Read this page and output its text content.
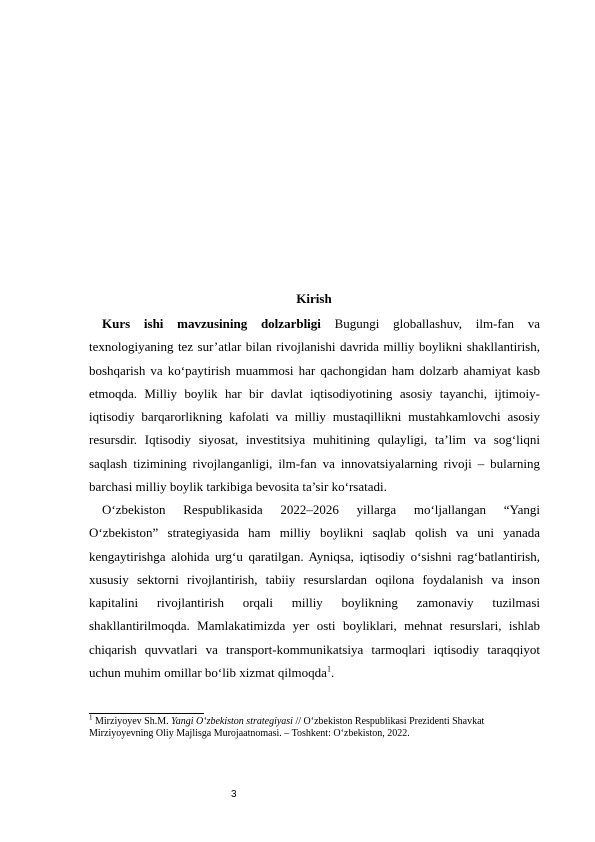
Kirish

Kurs ishi mavzusining dolzarbligi Bugungi globallashuv, ilm-fan va texnologiyaning tez sur’atlar bilan rivojlanishi davrida milliy boylikni shakllantirish, boshqarish va ko‘paytirish muammosi har qachongidan ham dolzarb ahamiyat kasb etmoqda. Milliy boylik har bir davlat iqtisodiyotining asosiy tayanchi, ijtimoiy-iqtisodiy barqarorlikning kafolati va milliy mustaqillikni mustahkamlovchi asosiy resursdir. Iqtisodiy siyosat, investitsiya muhitining qulayligi, ta’lim va sog‘liqni saqlash tizimining rivojlanganligi, ilm-fan va innovatsiyalarning rivoji – bularning barchasi milliy boylik tarkibiga bevosita ta’sir ko‘rsatadi.

O‘zbekiston Respublikasida 2022–2026 yillarga mo‘ljallangan “Yangi O‘zbekiston” strategiyasida ham milliy boylikni saqlab qolish va uni yanada kengaytirishga alohida urg‘u qaratilgan. Ayniqsa, iqtisodiy o‘sishni rag‘batlantirish, xususiy sektorni rivojlantirish, tabiiy resurslardan oqilona foydalanish va inson kapitalini rivojlantirish orqali milliy boylikning zamonaviy tuzilmasi shakllantirilmoqda. Mamlakatimizda yer osti boyliklari, mehnat resurslari, ishlab chiqarish quvvatlari va transport-kommunikatsiya tarmoqlari iqtisodiy taraqqiyot uchun muhim omillar bo‘lib xizmat qilmoqda$^1$.

$^1$ Mirziyoyev Sh.M. Yangi O‘zbekiston strategiyasi // O‘zbekiston Respublikasi Prezidenti Shavkat Mirziyoyevning Oliy Majlisga Murojaatnomasi. – Toshkent: O‘zbekiston, 2022.
3
